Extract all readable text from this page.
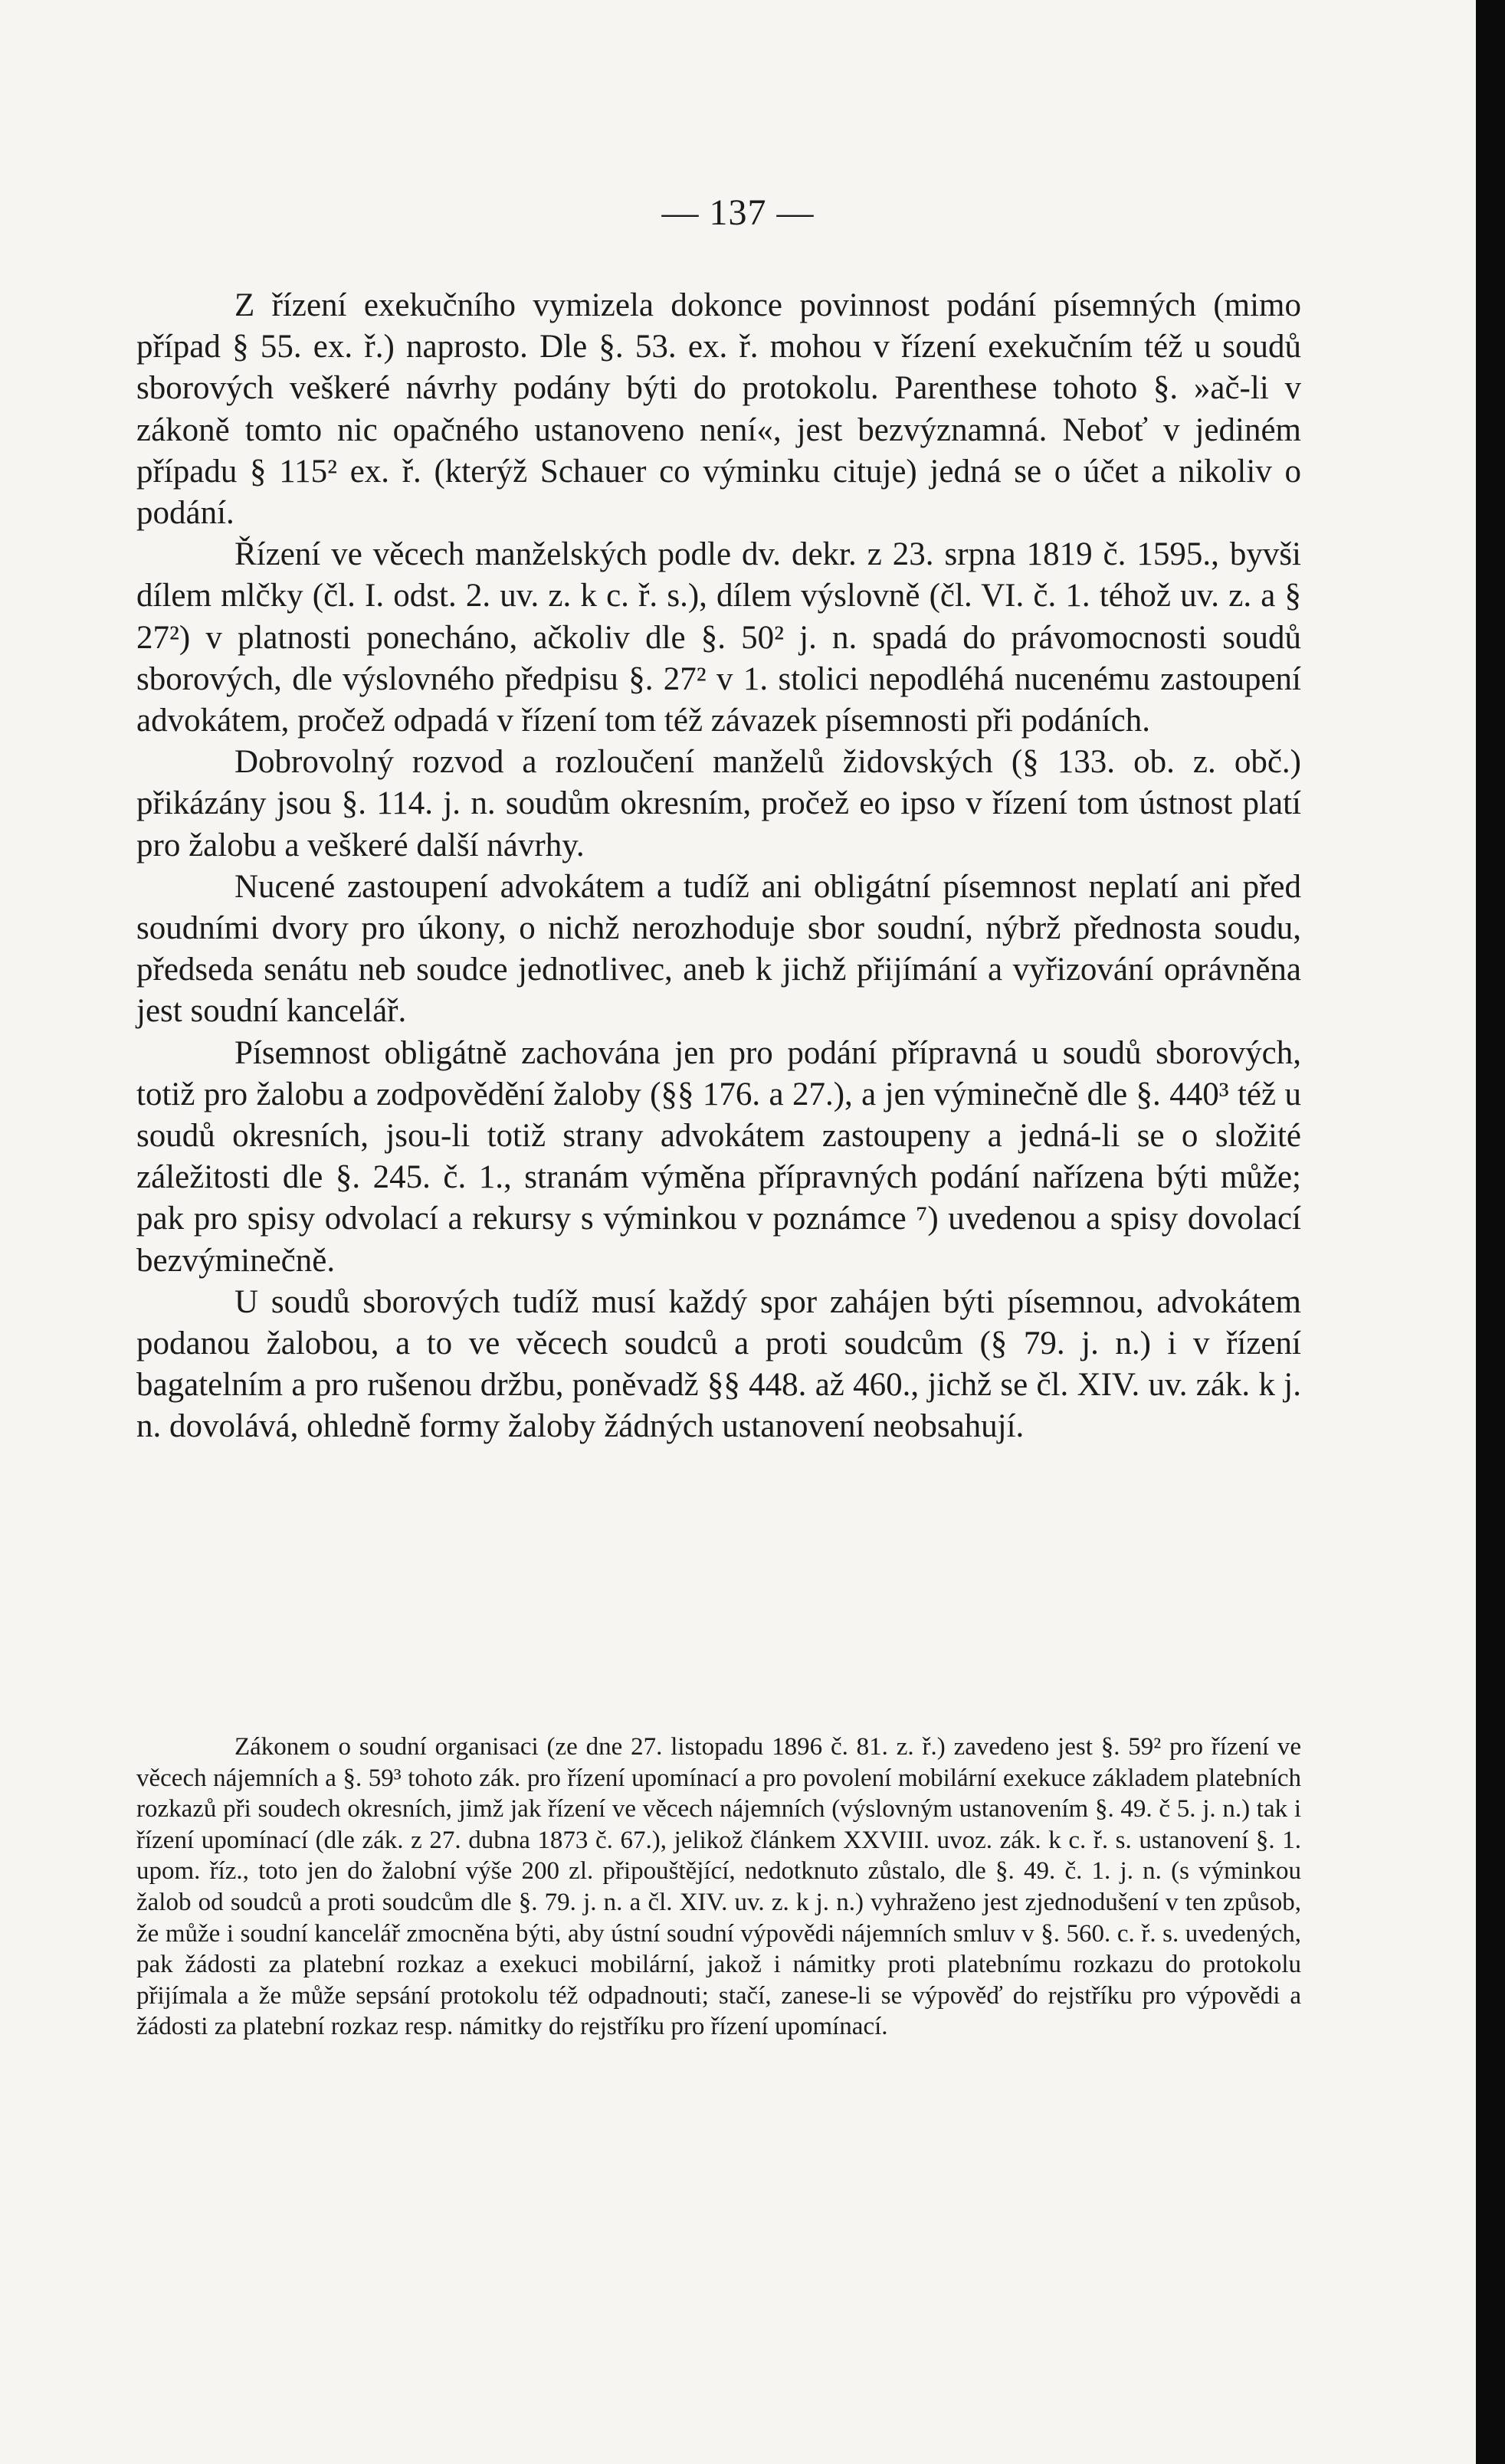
— 137 —

Z řízení exekučního vymizela dokonce povinnost podání písemných (mimo případ § 55. ex. ř.) naprosto. Dle §. 53. ex. ř. mohou v řízení exekučním též u soudů sborových veškeré návrhy podány býti do protokolu. Parenthese tohoto §. »ač-li v zákoně tomto nic opačného ustanoveno není«, jest bezvýznamná. Neboť v jediném případu § 115² ex. ř. (kterýž Schauer co výminku cituje) jedná se o účet a nikoliv o podání.

Řízení ve věcech manželských podle dv. dekr. z 23. srpna 1819 č. 1595., byvši dílem mlčky (čl. I. odst. 2. uv. z. k c. ř. s.), dílem výslovně (čl. VI. č. 1. téhož uv. z. a § 27²) v platnosti ponecháno, ačkoliv dle §. 50² j. n. spadá do právomocnosti soudů sborových, dle výslovného předpisu §. 27² v 1. stolici nepodléhá nucenému zastoupení advokátem, pročež odpadá v řízení tom též závazek písemnosti při podáních.

Dobrovolný rozvod a rozloučení manželů židovských (§ 133. ob. z. obč.) přikázány jsou §. 114. j. n. soudům okresním, pročež eo ipso v řízení tom ústnost platí pro žalobu a veškeré další návrhy.

Nucené zastoupení advokátem a tudíž ani obligátní písemnost neplatí ani před soudními dvory pro úkony, o nichž nerozhoduje sbor soudní, nýbrž přednosta soudu, předseda senátu neb soudce jednotlivec, aneb k jichž přijímání a vyřizování oprávněna jest soudní kancelář.

Písemnost obligátně zachována jen pro podání přípravná u soudů sborových, totiž pro žalobu a zodpovědění žaloby (§§ 176. a 27.), a jen výminečně dle §. 440³ též u soudů okresních, jsou-li totiž strany advokátem zastoupeny a jedná-li se o složité záležitosti dle §. 245. č. 1., stranám výměna přípravných podání nařízena býti může; pak pro spisy odvolací a rekursy s výminkou v poznámce ⁷) uvedenou a spisy dovolací bezvýminečně.

U soudů sborových tudíž musí každý spor zahájen býti písemnou, advokátem podanou žalobou, a to ve věcech soudců a proti soudcům (§ 79. j. n.) i v řízení bagatelním a pro rušenou držbu, poněvadž §§ 448. až 460., jichž se čl. XIV. uv. zák. k j. n. dovolává, ohledně formy žaloby žádných ustanovení neobsahují.

Zákonem o soudní organisaci (ze dne 27. listopadu 1896 č. 81. z. ř.) zavedeno jest §. 59² pro řízení ve věcech nájemních a §. 59³ tohoto zák. pro řízení upomínací a pro povolení mobilární exekuce základem platebních rozkazů při soudech okresních, jimž jak řízení ve věcech nájemních (výslovným ustanovením §. 49. č 5. j. n.) tak i řízení upomínací (dle zák. z 27. dubna 1873 č. 67.), jelikož článkem XXVIII. uvoz. zák. k c. ř. s. ustanovení §. 1. upom. říz., toto jen do žalobní výše 200 zl. připouštějící, nedotknuto zůstalo, dle §. 49. č. 1. j. n. (s výminkou žalob od soudců a proti soudcům dle §. 79. j. n. a čl. XIV. uv. z. k j. n.) vyhraženo jest zjednodušení v ten způsob, že může i soudní kancelář zmocněna býti, aby ústní soudní výpovědi nájemních smluv v §. 560. c. ř. s. uvedených, pak žádosti za platební rozkaz a exekuci mobilární, jakož i námitky proti platebnímu rozkazu do protokolu přijímala a že může sepsání protokolu též odpadnouti; stačí, zanese-li se výpověď do rejstříku pro výpovědi a žádosti za platební rozkaz resp. námitky do rejstříku pro řízení upomínací.
